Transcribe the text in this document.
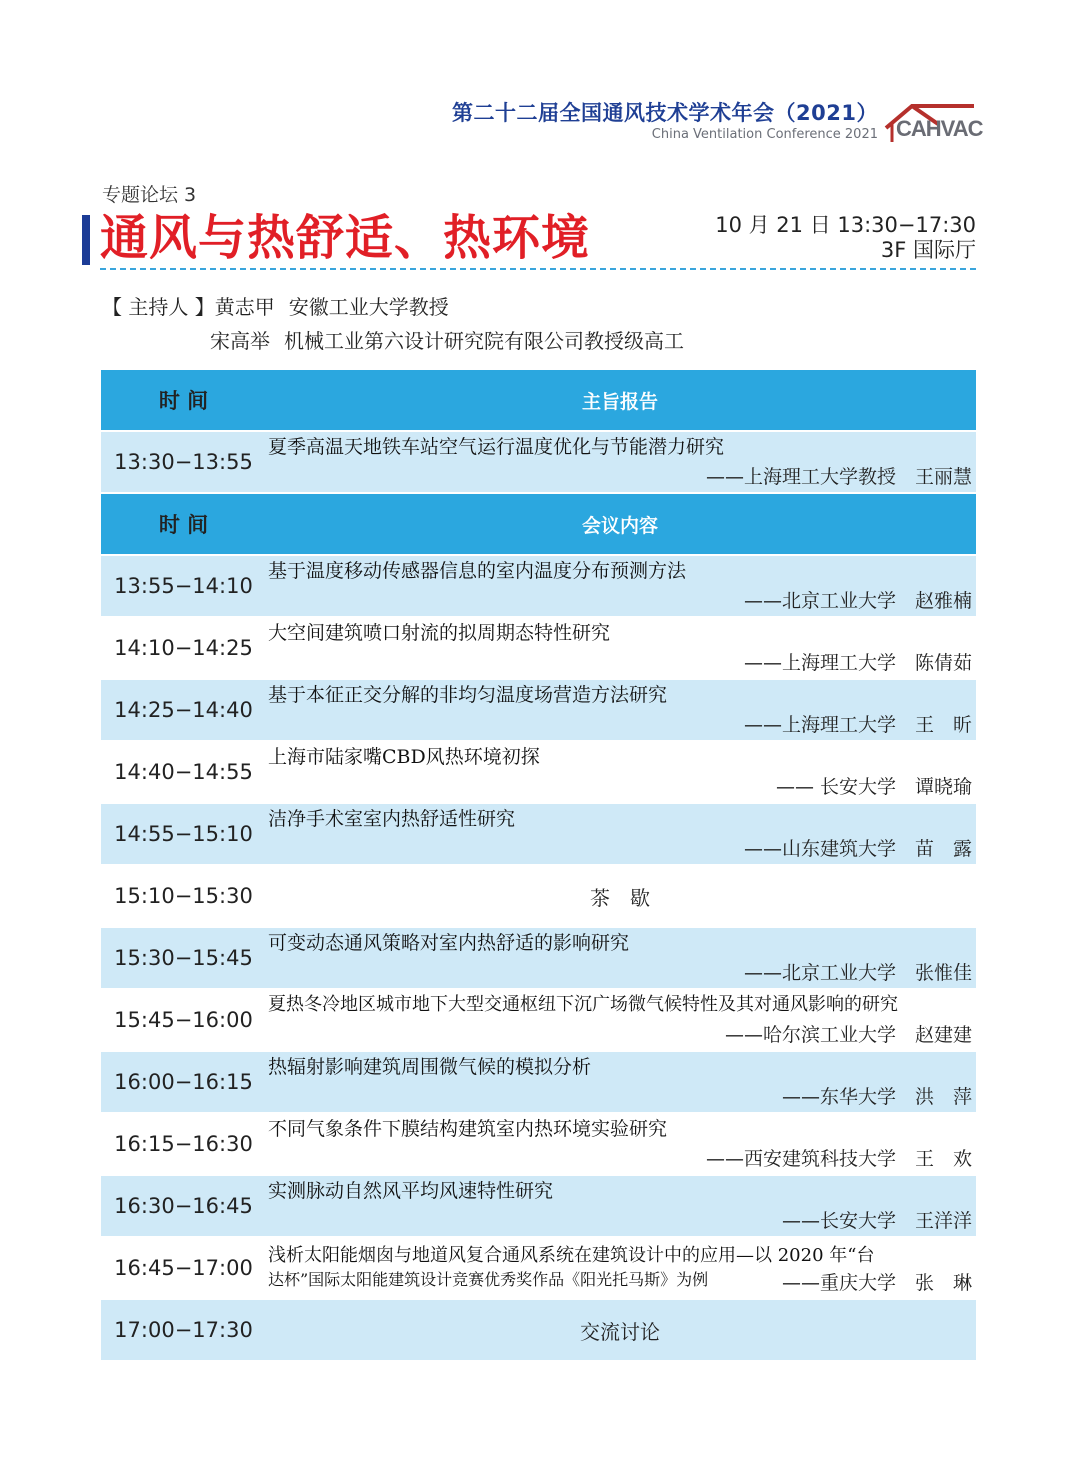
第二十二届全国通风技术学术年会（2021）
China Ventilation Conference 2021 CAHVAC
专题论坛 3
通风与热舒适、热环境	10 月 21 日 13:30−17:30
3F 国际厅
【 主持人 】黄志甲 安徽工业大学教授
宋高举 机械工业第六设计研究院有限公司教授级高工
时 间	主旨报告
13:30−13:55
夏季高温天地铁车站空气运行温度优化与节能潜力研究
——上海理工大学教授　王丽慧
时 间	会议内容
13:55−14:10
基于温度移动传感器信息的室内温度分布预测方法
——北京工业大学　赵雅楠
14:10−14:25
大空间建筑喷口射流的拟周期态特性研究
——上海理工大学　陈倩茹
14:25−14:40
基于本征正交分解的非均匀温度场营造方法研究
——上海理工大学　王　昕
14:40−14:55
上海市陆家嘴CBD风热环境初探
—— 长安大学　谭晓瑜
14:55−15:10
洁净手术室室内热舒适性研究
——山东建筑大学　苗　露
15:10−15:30	茶　歇
15:30−15:45
可变动态通风策略对室内热舒适的影响研究
——北京工业大学　张惟佳
15:45−16:00
夏热冬冷地区城市地下大型交通枢纽下沉广场微气候特性及其对通风影响的研究
——哈尔滨工业大学　赵建建
16:00−16:15
热辐射影响建筑周围微气候的模拟分析
——东华大学　洪　萍
16:15−16:30
不同气象条件下膜结构建筑室内热环境实验研究
——西安建筑科技大学　王　欢
16:30−16:45
实测脉动自然风平均风速特性研究
——长安大学　王洋洋
16:45−17:00
浅析太阳能烟囱与地道风复合通风系统在建筑设计中的应用—以 2020 年“台
达杯”国际太阳能建筑设计竞赛优秀奖作品《阳光托马斯》为例	——重庆大学　张　琳
17:00−17:30	交流讨论
